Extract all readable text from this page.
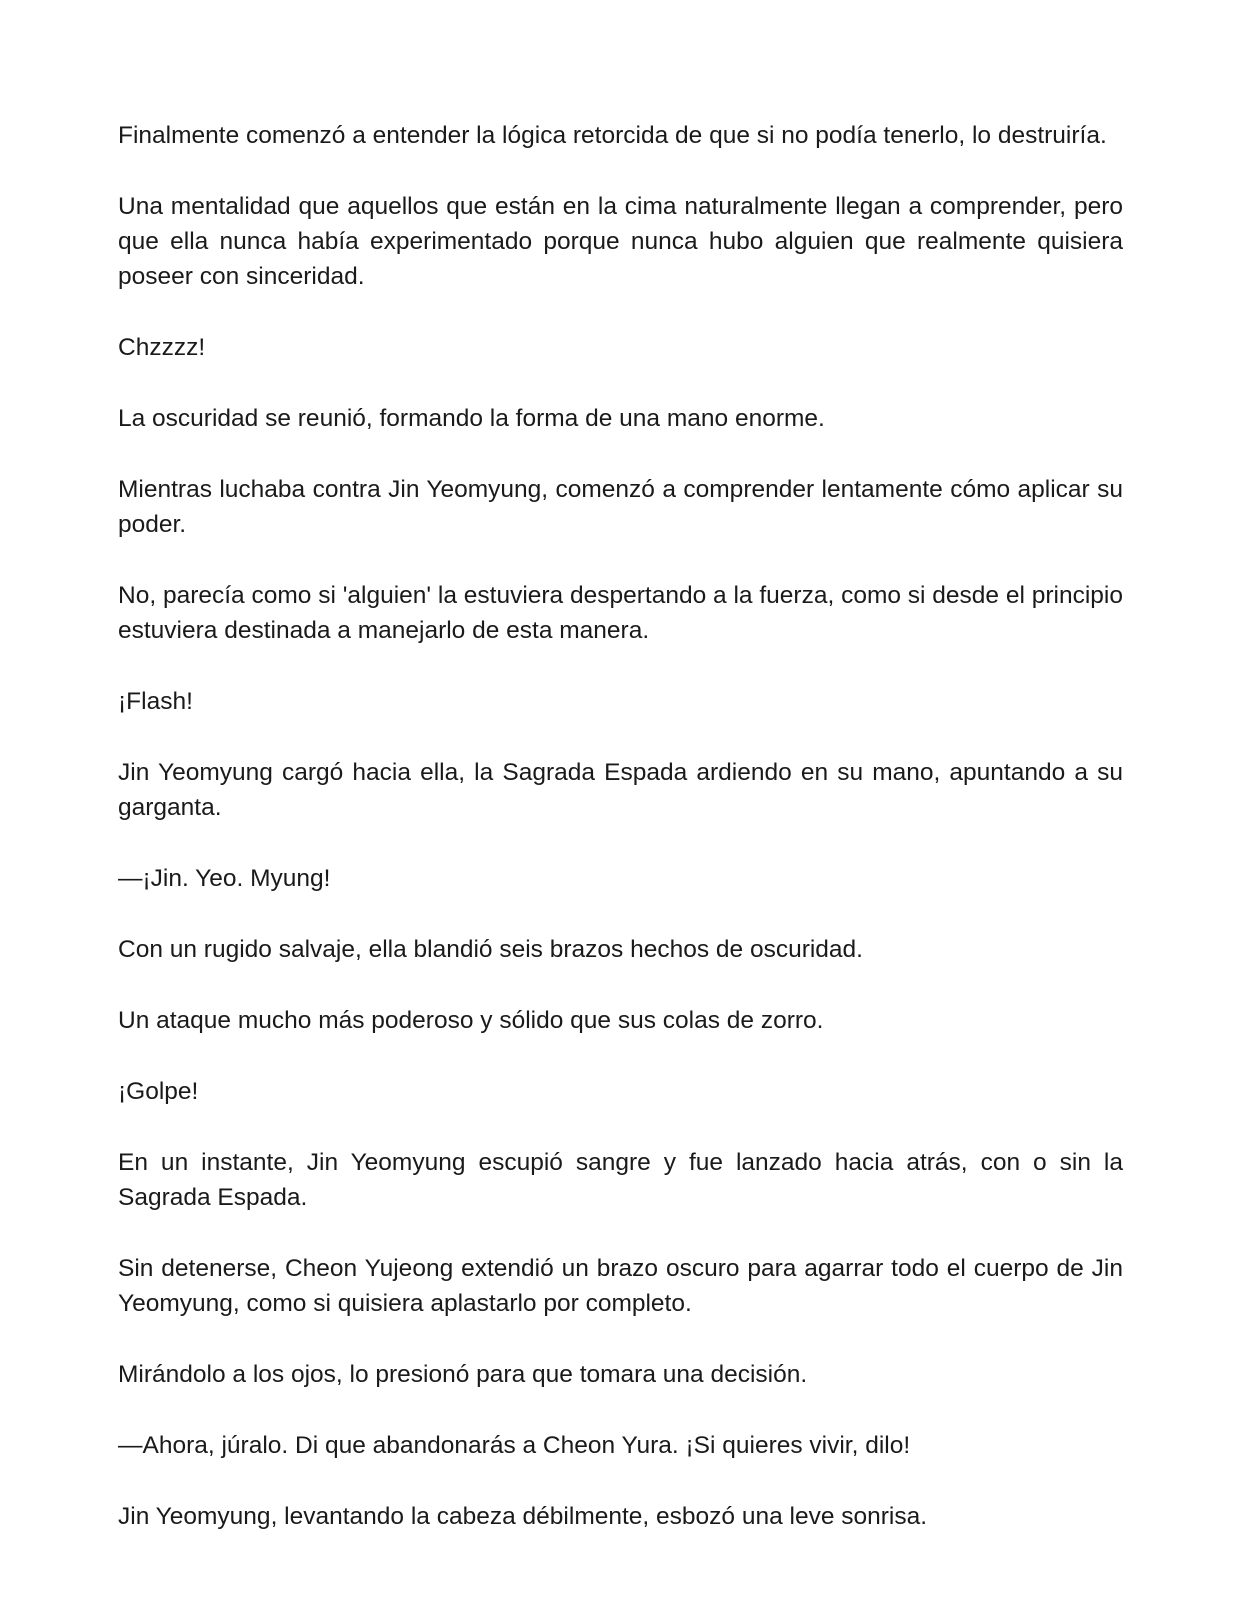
Finalmente comenzó a entender la lógica retorcida de que si no podía tenerlo, lo destruiría.

Una mentalidad que aquellos que están en la cima naturalmente llegan a comprender, pero que ella nunca había experimentado porque nunca hubo alguien que realmente quisiera poseer con sinceridad.

Chzzzz!

La oscuridad se reunió, formando la forma de una mano enorme.

Mientras luchaba contra Jin Yeomyung, comenzó a comprender lentamente cómo aplicar su poder.

No, parecía como si 'alguien' la estuviera despertando a la fuerza, como si desde el principio estuviera destinada a manejarlo de esta manera.

¡Flash!

Jin Yeomyung cargó hacia ella, la Sagrada Espada ardiendo en su mano, apuntando a su garganta.

—¡Jin. Yeo. Myung!

Con un rugido salvaje, ella blandió seis brazos hechos de oscuridad.

Un ataque mucho más poderoso y sólido que sus colas de zorro.

¡Golpe!

En un instante, Jin Yeomyung escupió sangre y fue lanzado hacia atrás, con o sin la Sagrada Espada.

Sin detenerse, Cheon Yujeong extendió un brazo oscuro para agarrar todo el cuerpo de Jin Yeomyung, como si quisiera aplastarlo por completo.

Mirándolo a los ojos, lo presionó para que tomara una decisión.

—Ahora, júralo. Di que abandonarás a Cheon Yura. ¡Si quieres vivir, dilo!

Jin Yeomyung, levantando la cabeza débilmente, esbozó una leve sonrisa.
